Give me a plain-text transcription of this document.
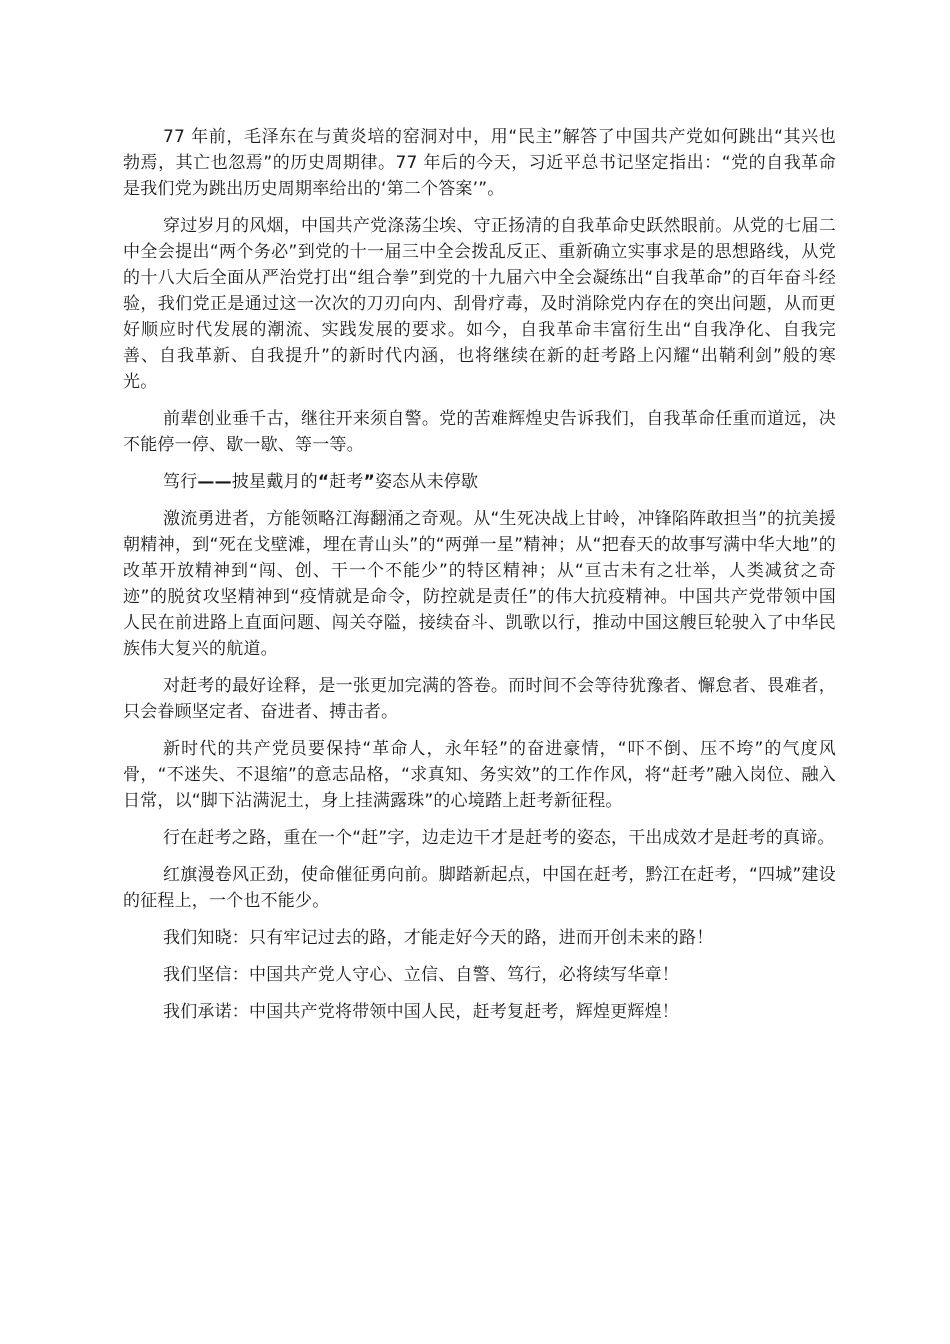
77 年前，毛泽东在与黄炎培的窑洞对中，用“民主”解答了中国共产党如何跳出“其兴也勃焉，其亡也忽焉”的历史周期律。77 年后的今天，习近平总书记坚定指出：“党的自我革命是我们党为跳出历史周期率给出的‘第二个答案’”。

穿过岁月的风烟，中国共产党涤荡尘埃、守正扬清的自我革命史跃然眼前。从党的七届二中全会提出“两个务必”到党的十一届三中全会拨乱反正、重新确立实事求是的思想路线，从党的十八大后全面从严治党打出“组合拳”到党的十九届六中全会凝练出“自我革命”的百年奋斗经验，我们党正是通过这一次次的刀刃向内、刮骨疗毒，及时消除党内存在的突出问题，从而更好顺应时代发展的潮流、实践发展的要求。如今，自我革命丰富衍生出“自我净化、自我完善、自我革新、自我提升”的新时代内涵，也将继续在新的赶考路上闪耀“出鞘利剑”般的寒光。

前辈创业垂千古，继往开来须自警。党的苦难辉煌史告诉我们，自我革命任重而道远，决不能停一停、歇一歇、等一等。

笃行——披星戴月的“赶考”姿态从未停歇

激流勇进者，方能领略江海翻涌之奇观。从“生死决战上甘岭，冲锋陷阵敢担当”的抗美援朝精神，到“死在戈壁滩，埋在青山头”的“两弹一星”精神；从“把春天的故事写满中华大地”的改革开放精神到“闯、创、干一个不能少”的特区精神；从“亘古未有之壮举，人类减贫之奇迹”的脱贫攻坚精神到“疫情就是命令，防控就是责任”的伟大抗疫精神。中国共产党带领中国人民在前进路上直面问题、闯关夺隘，接续奋斗、凯歌以行，推动中国这艘巨轮驶入了中华民族伟大复兴的航道。

对赶考的最好诠释，是一张更加完满的答卷。而时间不会等待犹豫者、懈怠者、畏难者，只会眷顾坚定者、奋进者、搏击者。

新时代的共产党员要保持“革命人，永年轻”的奋进豪情，“吓不倒、压不垮”的气度风骨，“不迷失、不退缩”的意志品格，“求真知、务实效”的工作作风，将“赶考”融入岗位、融入日常，以“脚下沾满泥土，身上挂满露珠”的心境踏上赶考新征程。

行在赶考之路，重在一个“赶”字，边走边干才是赶考的姿态，干出成效才是赶考的真谛。

红旗漫卷风正劲，使命催征勇向前。脚踏新起点，中国在赶考，黔江在赶考，“四城”建设的征程上，一个也不能少。

我们知晓：只有牢记过去的路，才能走好今天的路，进而开创未来的路！

我们坚信：中国共产党人守心、立信、自警、笃行，必将续写华章！

我们承诺：中国共产党将带领中国人民，赶考复赶考，辉煌更辉煌！
